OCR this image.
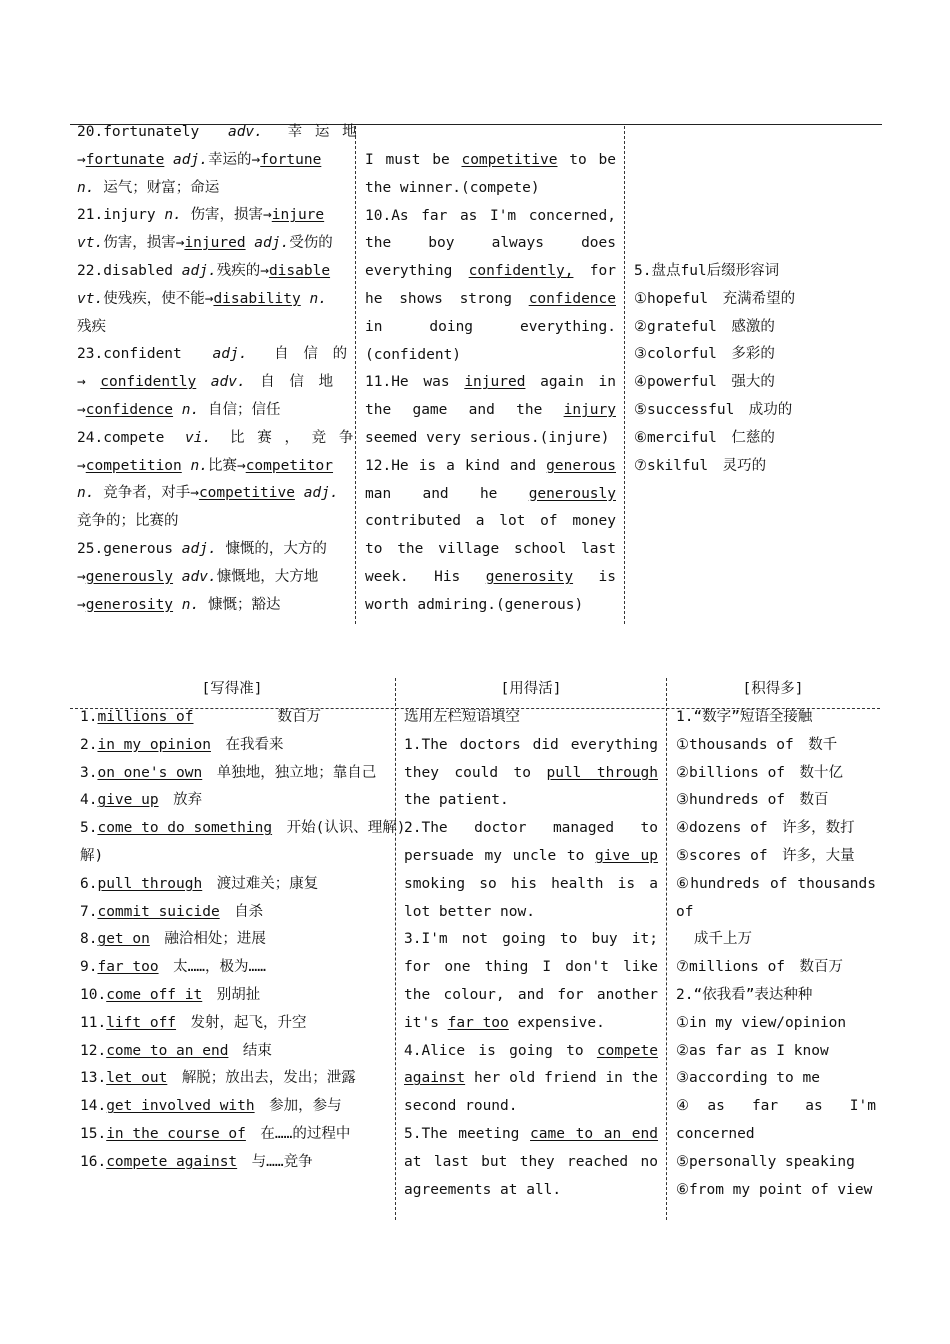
20.fortunately adv. 幸 运 地
→fortunate adj.幸运的→fortune
n. 运气；财富；命运
21.injury n. 伤害，损害→injure
vt.伤害，损害→injured adj.受伤的
22.disabled adj.残疾的→disable
vt.使残疾，使不能→disability n.
残疾
23.confident adj. 自 信 的
→　confidently　 adv.　 自 信 地
→confidence n. 自信；信任
24.compete vi. 比 赛 ， 竞 争
→competition n.比赛→competitor
n. 竞争者，对手→competitive adj.
竞争的；比赛的
25.generous adj. 慷慨的，大方的
→generously adv.慷慨地，大方地
→generosity n. 慷慨；豁达

I must be competitive to be the winner.(compete)

10.As far as I'm concerned, the boy always does everything confidently, for he shows strong confidence in doing everything.(confident)

11.He was injured again in the game and the injury seemed very serious.(injure)

12.He is a kind and generous man and he generously contributed a lot of money to the village school last week. His generosity is worth admiring.(generous)

5.盘点ful后缀形容词
①hopeful　充满希望的
②grateful　感激的
③colorful　多彩的
④powerful　强大的
⑤successful　成功的
⑥merciful　仁慈的
⑦skilful　灵巧的
[写得准]	[用得活]	[积得多]
1.millions of	数百万
2.in my opinion　 在我看来
3.on one's own　 单独地，独立地；靠自己
4.give up　 放弃
5.come to do something　 开始(认识、理解)
解)
6.pull through　 渡过难关；康复
7.commit suicide　 自杀
8.get on　 融洽相处；进展
9.far too　 太……，极为……
10.come off it　 别胡扯
11.lift off　 发射，起飞，升空
12.come to an end　 结束
13.let out　 解脱；放出去，发出；泄露
14.get involved with　 参加，参与
15.in the course of　 在……的过程中
16.compete against　 与……竞争

选用左栏短语填空

1.The doctors did everything they could to pull through the patient.

2.The doctor managed to persuade my uncle to give up smoking so his health is a lot better now.

3.I'm not going to buy it; for one thing I don't like the colour, and for another it's far too expensive.

4.Alice is going to compete against her old friend in the second round.

5.The meeting came to an end at last but they reached no agreements at all.

1.“数字”短语全接触
①thousands of　数千
②billions of　数十亿
③hundreds of　数百
④dozens of　许多，数打
⑤scores of　许多，大量
⑥hundreds of thousands of
成千上万
⑦millions of　数百万
2.“依我看”表达种种
①in my view/opinion
②as far as I know
③according to me
④as far as I'm concerned
⑤personally speaking
⑥from my point of view
